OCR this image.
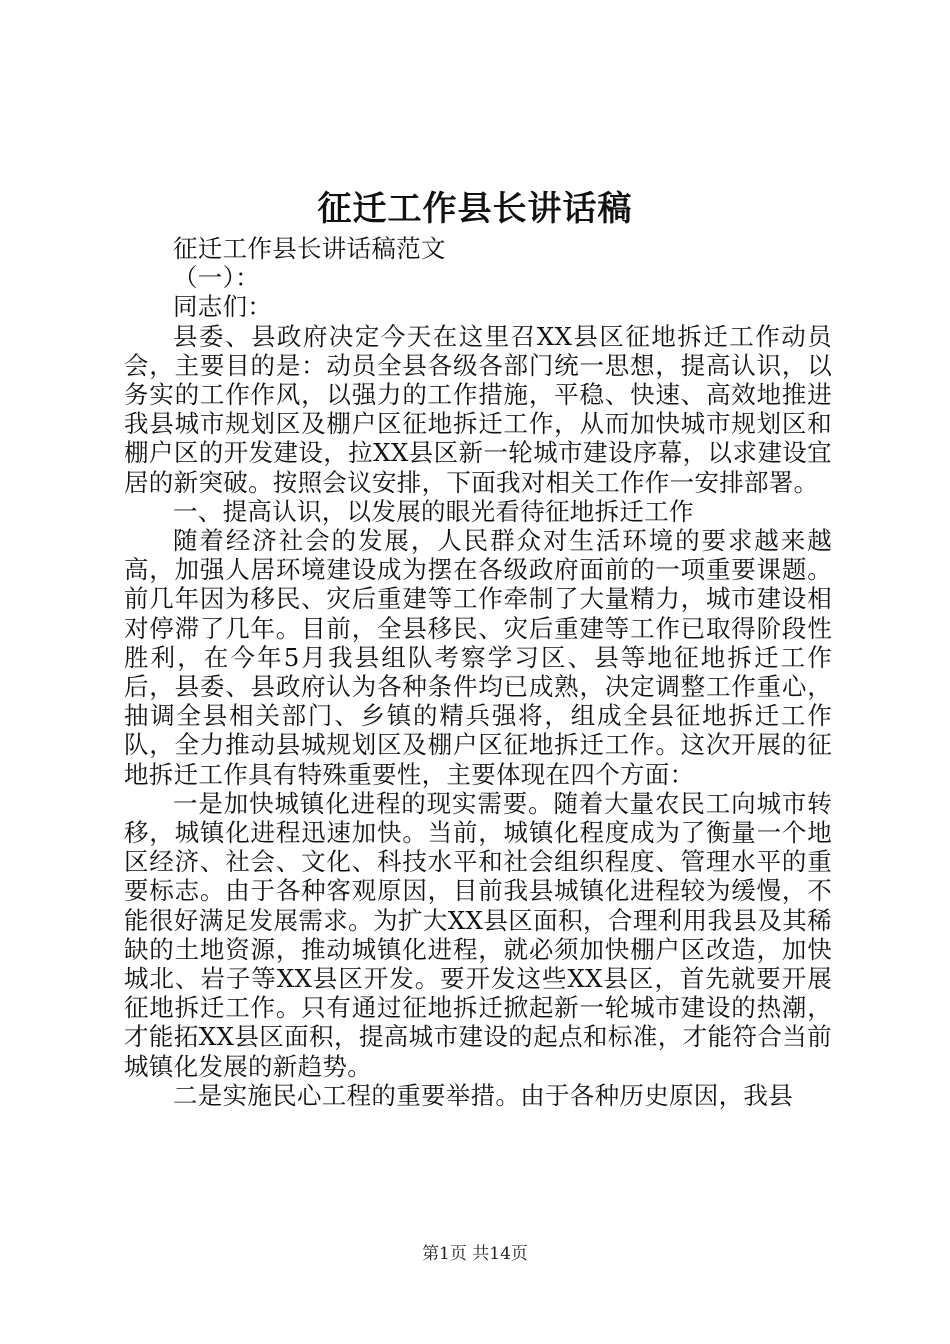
征迁工作县长讲话稿

征迁工作县长讲话稿范文

（一）：

同志们：

县委、县政府决定今天在这里召XX县区征地拆迁工作动员会，主要目的是：动员全县各级各部门统一思想，提高认识，以务实的工作作风，以强力的工作措施，平稳、快速、高效地推进我县城市规划区及棚户区征地拆迁工作，从而加快城市规划区和棚户区的开发建设，拉XX县区新一轮城市建设序幕，以求建设宜居的新突破。按照会议安排，下面我对相关工作作一安排部署。

一、提高认识，以发展的眼光看待征地拆迁工作

随着经济社会的发展，人民群众对生活环境的要求越来越高，加强人居环境建设成为摆在各级政府面前的一项重要课题。前几年因为移民、灾后重建等工作牵制了大量精力，城市建设相对停滞了几年。目前，全县移民、灾后重建等工作已取得阶段性胜利，在今年5月我县组队考察学习区、县等地征地拆迁工作后，县委、县政府认为各种条件均已成熟，决定调整工作重心，抽调全县相关部门、乡镇的精兵强将，组成全县征地拆迁工作队，全力推动县城规划区及棚户区征地拆迁工作。这次开展的征地拆迁工作具有特殊重要性，主要体现在四个方面：

一是加快城镇化进程的现实需要。随着大量农民工向城市转移，城镇化进程迅速加快。当前，城镇化程度成为了衡量一个地区经济、社会、文化、科技水平和社会组织程度、管理水平的重要标志。由于各种客观原因，目前我县城镇化进程较为缓慢，不能很好满足发展需求。为扩大XX县区面积，合理利用我县及其稀缺的土地资源，推动城镇化进程，就必须加快棚户区改造，加快城北、岩子等XX县区开发。要开发这些XX县区，首先就要开展征地拆迁工作。只有通过征地拆迁掀起新一轮城市建设的热潮，才能拓XX县区面积，提高城市建设的起点和标准，才能符合当前城镇化发展的新趋势。

二是实施民心工程的重要举措。由于各种历史原因，我县

第1页 共14页
